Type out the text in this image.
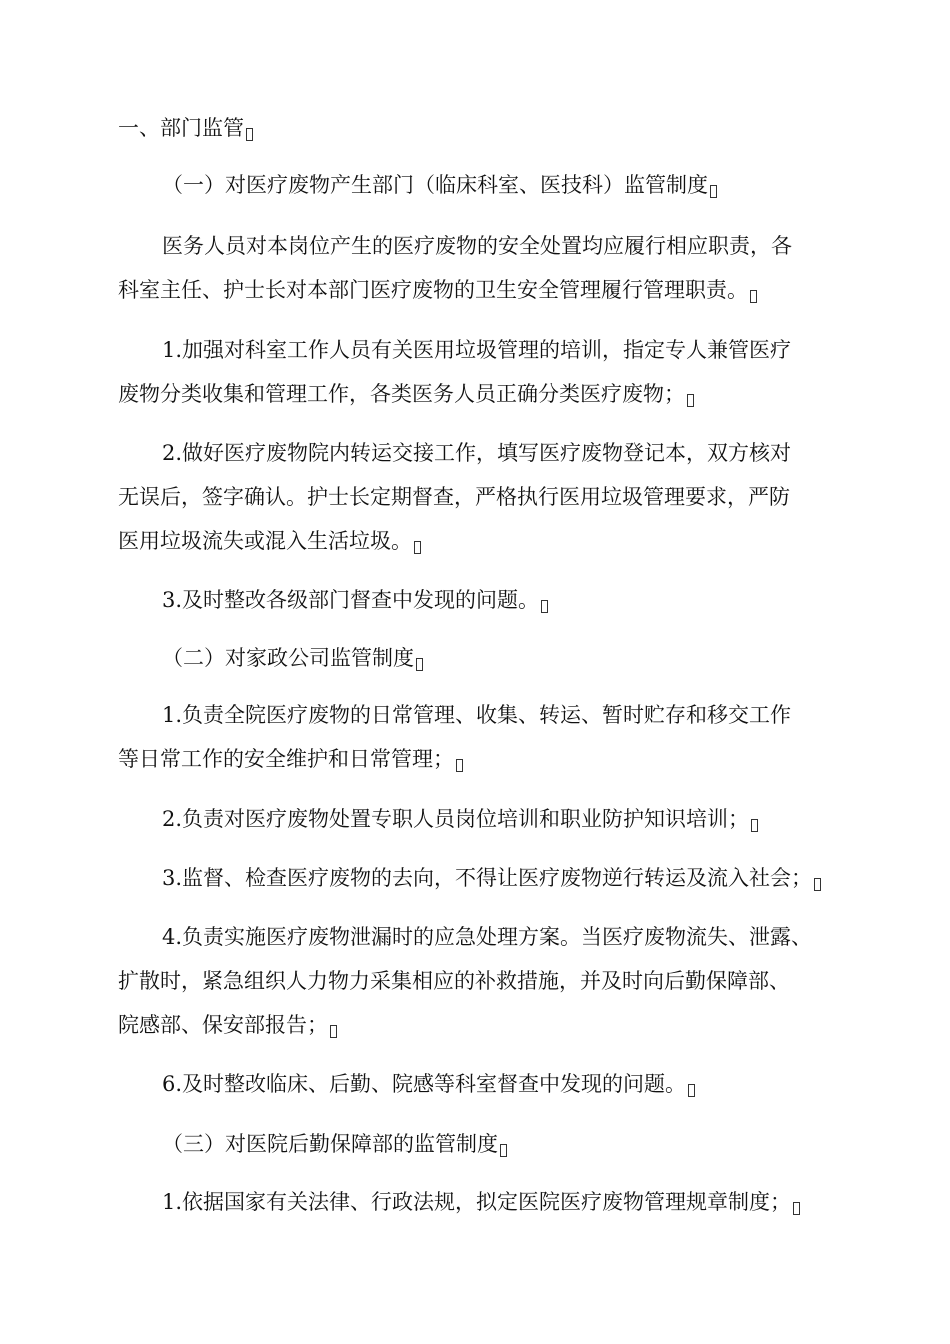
一、部门监管

（一）对医疗废物产生部门（临床科室、医技科）监管制度

医务人员对本岗位产生的医疗废物的安全处置均应履行相应职责，各
科室主任、护士长对本部门医疗废物的卫生安全管理履行管理职责。

1.加强对科室工作人员有关医用垃圾管理的培训，指定专人兼管医疗
废物分类收集和管理工作，各类医务人员正确分类医疗废物；

2.做好医疗废物院内转运交接工作，填写医疗废物登记本，双方核对
无误后，签字确认。护士长定期督查，严格执行医用垃圾管理要求，严防
医用垃圾流失或混入生活垃圾。

3.及时整改各级部门督查中发现的问题。

（二）对家政公司监管制度

1.负责全院医疗废物的日常管理、收集、转运、暂时贮存和移交工作
等日常工作的安全维护和日常管理；

2.负责对医疗废物处置专职人员岗位培训和职业防护知识培训；

3.监督、检查医疗废物的去向，不得让医疗废物逆行转运及流入社会；

4.负责实施医疗废物泄漏时的应急处理方案。当医疗废物流失、泄露、
扩散时，紧急组织人力物力采集相应的补救措施，并及时向后勤保障部、
院感部、保安部报告；

6.及时整改临床、后勤、院感等科室督查中发现的问题。

（三）对医院后勤保障部的监管制度

1.依据国家有关法律、行政法规，拟定医院医疗废物管理规章制度；
